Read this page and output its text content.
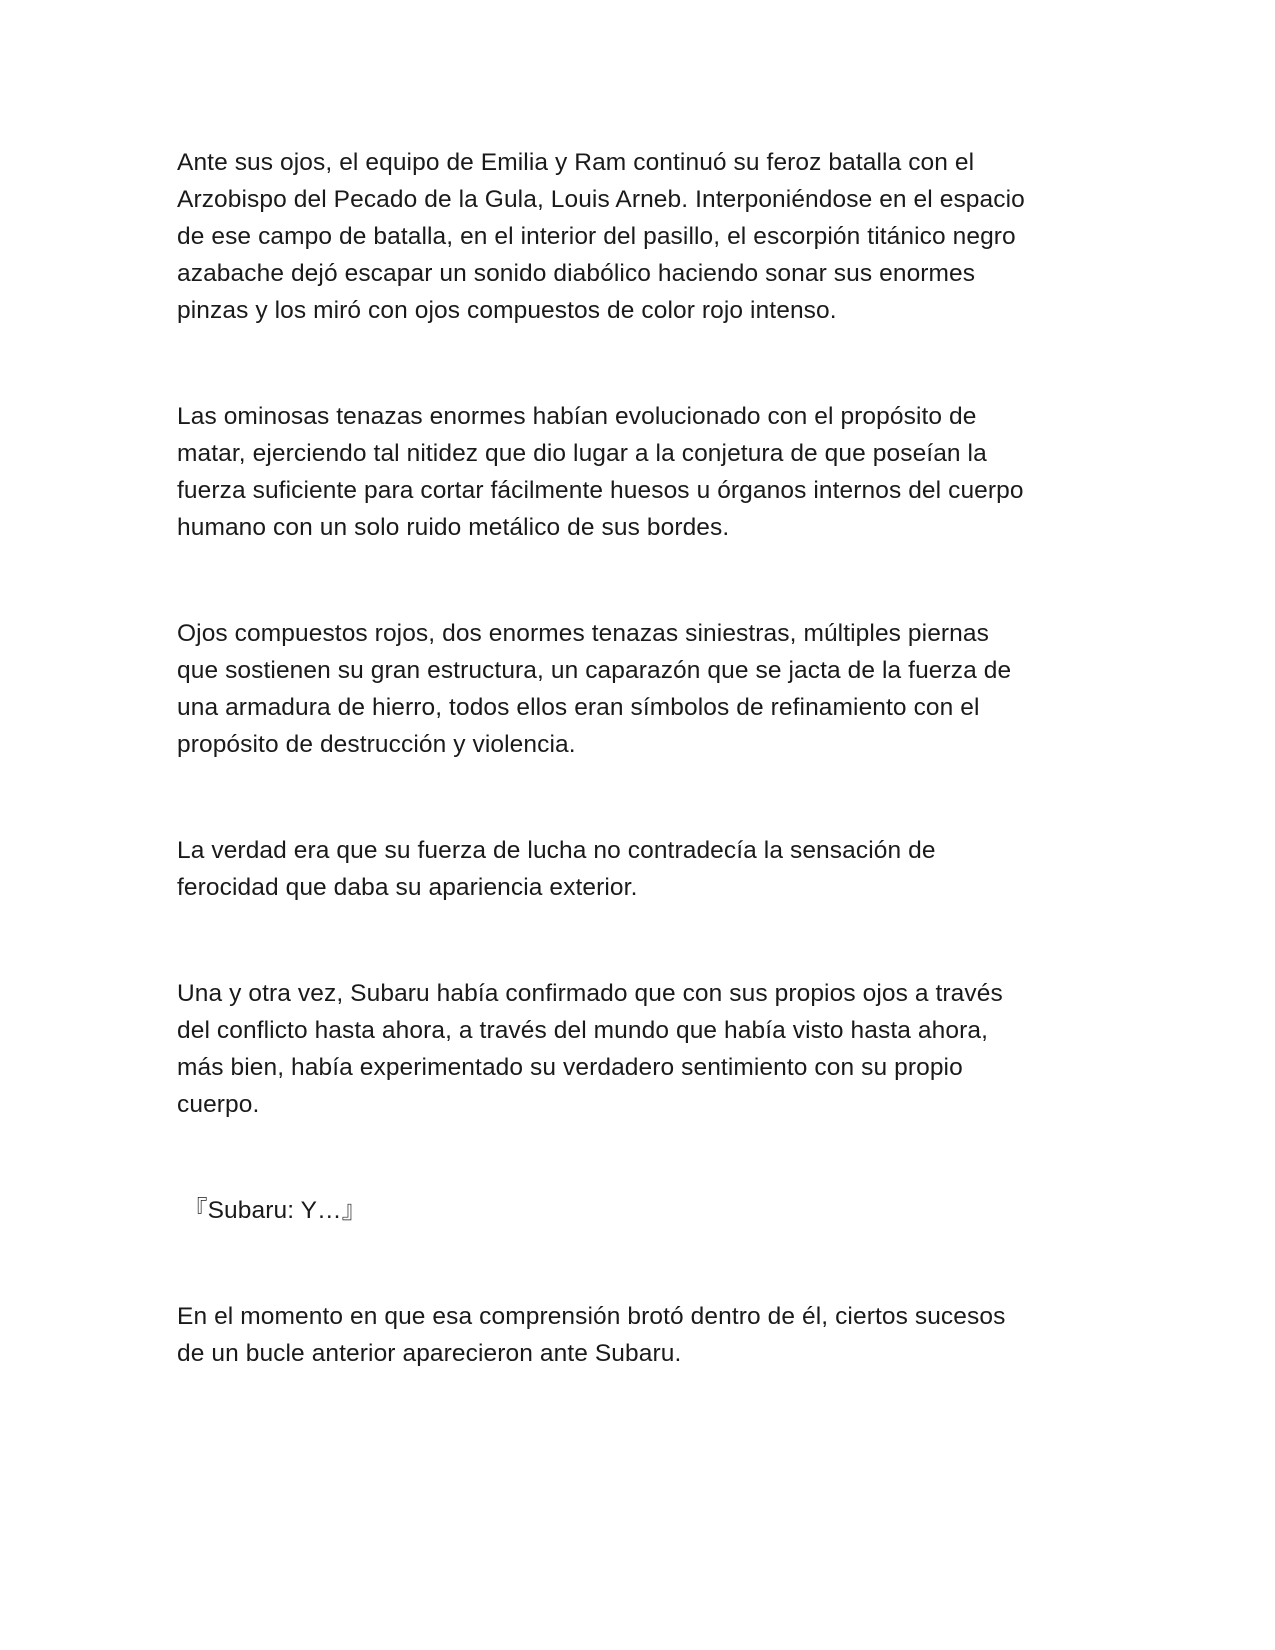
Ante sus ojos, el equipo de Emilia y Ram continuó su feroz batalla con el
Arzobispo del Pecado de la Gula, Louis Arneb. Interponiéndose en el espacio
de ese campo de batalla, en el interior del pasillo, el escorpión titánico negro
azabache dejó escapar un sonido diabólico haciendo sonar sus enormes
pinzas y los miró con ojos compuestos de color rojo intenso.
Las ominosas tenazas enormes habían evolucionado con el propósito de
matar, ejerciendo tal nitidez que dio lugar a la conjetura de que poseían la
fuerza suficiente para cortar fácilmente huesos u órganos internos del cuerpo
humano con un solo ruido metálico de sus bordes.
Ojos compuestos rojos, dos enormes tenazas siniestras, múltiples piernas
que sostienen su gran estructura, un caparazón que se jacta de la fuerza de
una armadura de hierro, todos ellos eran símbolos de refinamiento con el
propósito de destrucción y violencia.
La verdad era que su fuerza de lucha no contradecía la sensación de
ferocidad que daba su apariencia exterior.
Una y otra vez, Subaru había confirmado que con sus propios ojos a través
del conflicto hasta ahora, a través del mundo que había visto hasta ahora,
más bien, había experimentado su verdadero sentimiento con su propio
cuerpo.
『Subaru: Y…』
En el momento en que esa comprensión brotó dentro de él, ciertos sucesos
de un bucle anterior aparecieron ante Subaru.
